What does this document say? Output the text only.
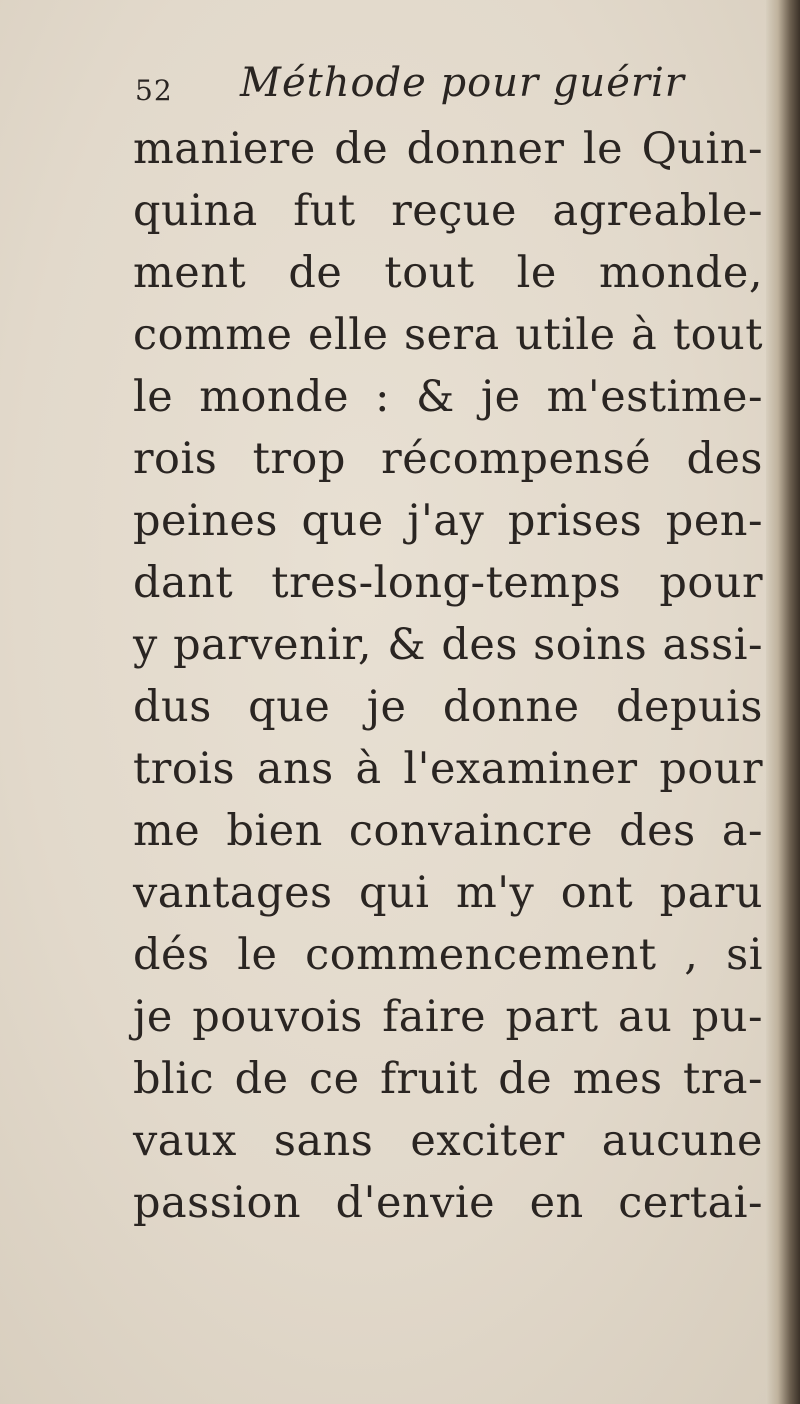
52 Méthode pour guérir
maniere de donner le Quin-
quina fut reçue agreable-
ment de tout le monde,
comme elle sera utile à tout
le monde : & je m'estime-
rois trop récompensé des
peines que j'ay prises pen-
dant tres-long-temps pour
y parvenir, & des soins assi-
dus que je donne depuis
trois ans à l'examiner pour
me bien convaincre des a-
vantages qui m'y ont paru
dés le commencement , si
je pouvois faire part au pu-
blic de ce fruit de mes tra-
vaux sans exciter aucune
passion d'envie en certai-
